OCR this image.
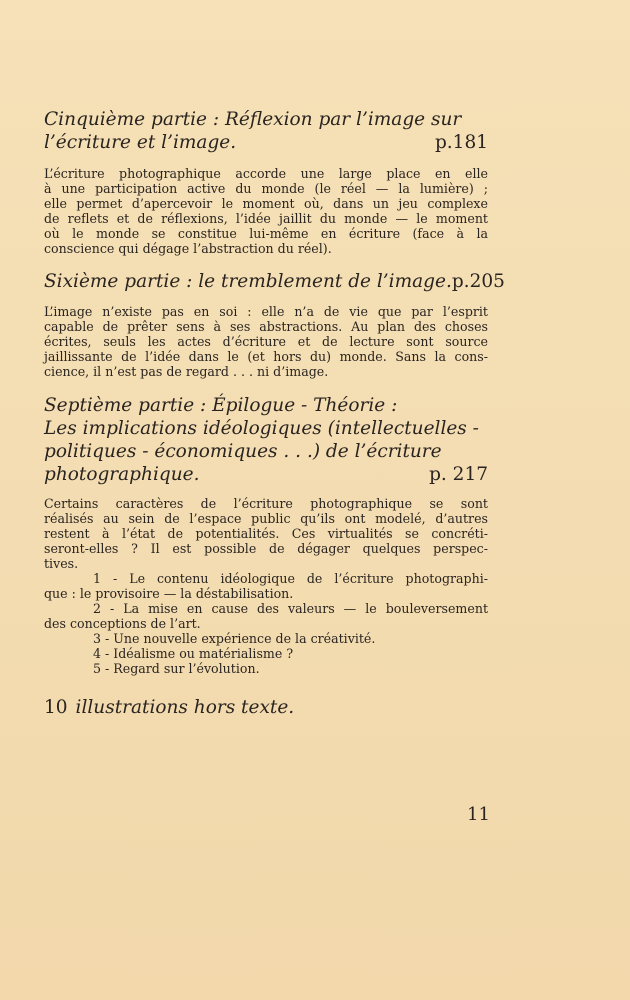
Cinquième partie : Réflexion par l’image sur
l’écriture et l’image.	p.181

L’écriture photographique accorde une large place en elle
à une participation active du monde (le réel — la lumière) ;
elle permet d’apercevoir le moment où, dans un jeu complexe
de reflets et de réflexions, l’idée jaillit du monde — le moment
où le monde se constitue lui-même en écriture (face à la
conscience qui dégage l’abstraction du réel).

Sixième partie : le tremblement de l’image. p.205

L’image n’existe pas en soi : elle n’a de vie que par l’esprit
capable de prêter sens à ses abstractions. Au plan des choses
écrites, seuls les actes d’écriture et de lecture sont source
jaillissante de l’idée dans le (et hors du) monde. Sans la cons-
cience, il n’est pas de regard . . . ni d’image.

Septième partie : Épilogue - Théorie :
Les implications idéologiques (intellectuelles -
politiques - économiques . . .) de l’écriture
photographique.	p. 217

Certains caractères de l’écriture photographique se sont
réalisés au sein de l’espace public qu’ils ont modelé, d’autres
restent à l’état de potentialités. Ces virtualités se concréti-
seront-elles ? Il est possible de dégager quelques perspec-
tives.

1 - Le contenu idéologique de l’écriture photographi-
que : le provisoire — la déstabilisation.
2 - La mise en cause des valeurs — le bouleversement
des conceptions de l’art.
3 - Une nouvelle expérience de la créativité.
4 - Idéalisme ou matérialisme ?
5 - Regard sur l’évolution.
10 illustrations hors texte.
11
